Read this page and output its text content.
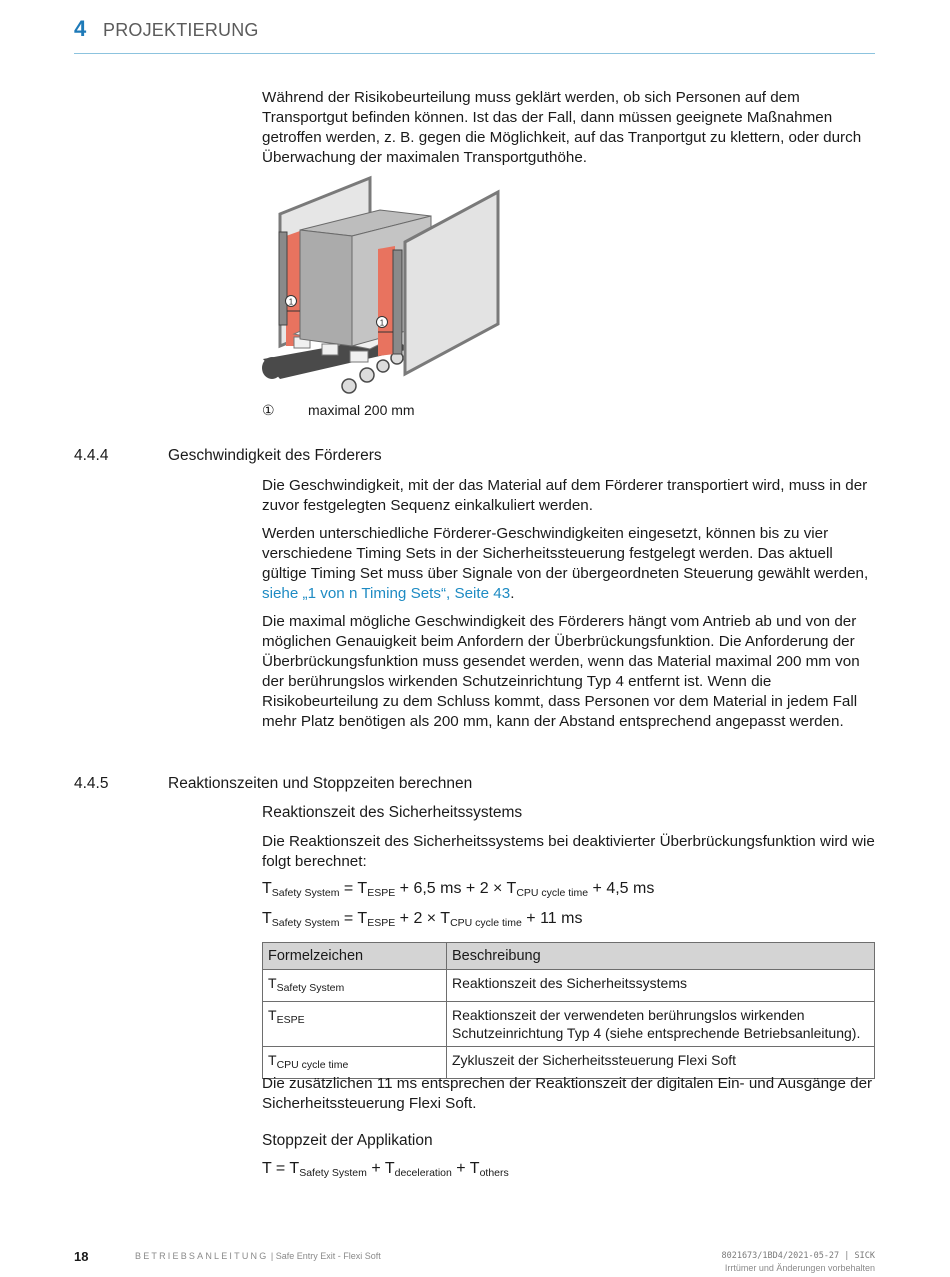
4 PROJEKTIERUNG

Während der Risikobeurteilung muss geklärt werden, ob sich Personen auf dem Transportgut befinden können. Ist das der Fall, dann müssen geeignete Maßnahmen getroffen werden, z. B. gegen die Möglichkeit, auf das Tranportgut zu klettern, oder durch Überwachung der maximalen Transportguthöhe.

1
1
① maximal 200 mm
4.4.4	Geschwindigkeit des Förderers

Die Geschwindigkeit, mit der das Material auf dem Förderer transportiert wird, muss in der zuvor festgelegten Sequenz einkalkuliert werden.

Werden unterschiedliche Förderer-Geschwindigkeiten eingesetzt, können bis zu vier verschiedene Timing Sets in der Sicherheitssteuerung festgelegt werden. Das aktuell gültige Timing Set muss über Signale von der übergeordneten Steuerung gewählt werden, siehe „1 von n Timing Sets“, Seite 43.

Die maximal mögliche Geschwindigkeit des Förderers hängt vom Antrieb ab und von der möglichen Genauigkeit beim Anfordern der Überbrückungsfunktion. Die Anforderung der Überbrückungsfunktion muss gesendet werden, wenn das Material maximal 200 mm von der berührungslos wirkenden Schutzeinrichtung Typ 4 entfernt ist. Wenn die Risikobeurteilung zu dem Schluss kommt, dass Personen vor dem Material in jedem Fall mehr Platz benötigen als 200 mm, kann der Abstand entsprechend angepasst werden.

4.4.5	Reaktionszeiten und Stoppzeiten berechnen
Reaktionszeit des Sicherheitssystems

Die Reaktionszeit des Sicherheitssystems bei deaktivierter Überbrückungsfunktion wird wie folgt berechnet:

$T_{Safety System} = T_{ESPE} + 6,5$ ms + $2 \times T_{CPU cycle time} + 4,5$ ms
$T_{Safety System} = T_{ESPE} + 2 \times T_{CPU cycle time} + 11$ ms
Formelzeichen	Beschreibung
$T_{Safety System}$	Reaktionszeit des Sicherheitssystems
$T_{ESPE}$	Reaktionszeit der verwendeten berührungslos wirkenden Schutzeinrichtung Typ 4 (siehe entsprechende Betriebsanleitung).
$T_{CPU cycle time}$	Zykluszeit der Sicherheitssteuerung Flexi Soft

Die zusätzlichen 11 ms entsprechen der Reaktionszeit der digitalen Ein- und Ausgänge der Sicherheitssteuerung Flexi Soft.

Stoppzeit der Applikation
$T = T_{Safety System} + T_{deceleration} + T_{others}$
18	BETRIEBSANLEITUNG | Safe Entry Exit - Flexi Soft	8021673/1BD4/2021-05-27 | SICK
Irrtümer und Änderungen vorbehalten
